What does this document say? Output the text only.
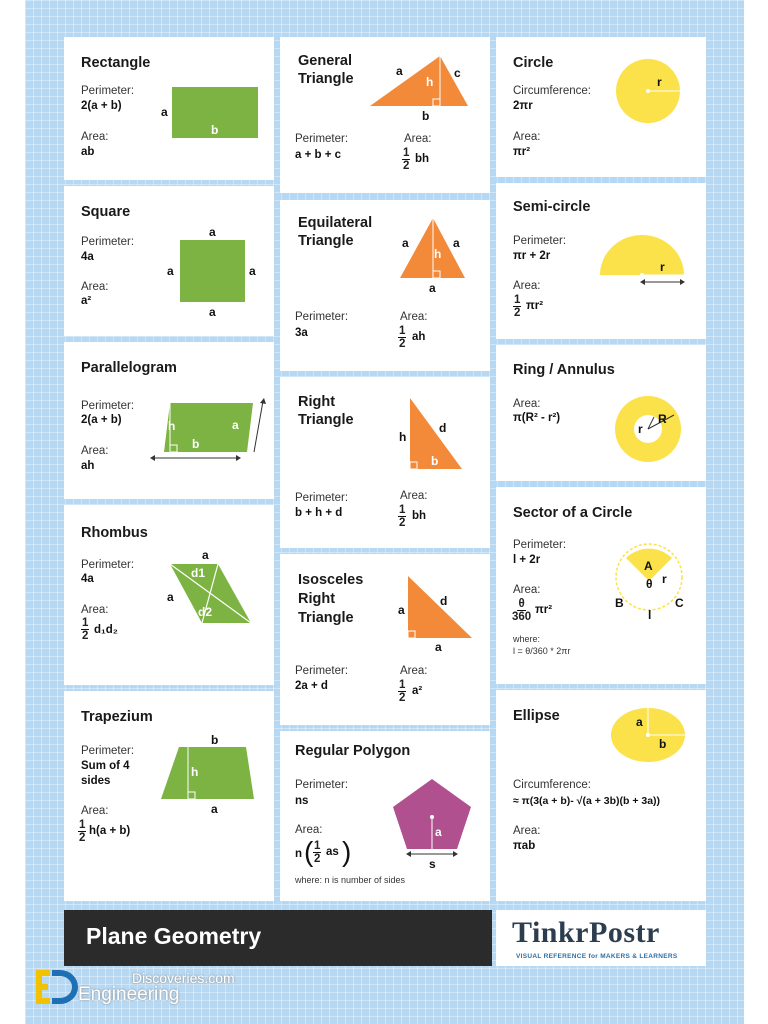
Rectangle
Perimeter:
2(a + b)
Area:
ab
a
b
Square
Perimeter:
4a
Area:
a²
a
a	a
a
Parallelogram
Perimeter:
2(a + b)
Area:
ah
h
b
a
Rhombus
Perimeter:
4a
Area:
$\frac{1}{2} d_1d_2$
a
a
d1
d2
Trapezium
Perimeter:
Sum of 4
sides
Area:
$\frac{1}{2} h(a + b)$
b
h
a
General
Triangle
Perimeter:
a + b + c
Area:
$\frac{1}{2}$ bh
a
h
c
b
Equilateral
Triangle
Perimeter:
3a
Area:
$\frac{1}{2}$ ah
a
h
a
a
Right
Triangle
Perimeter:
b + h + d
Area:
$\frac{1}{2}$ bh
h
d
b
Isosceles
Right
Triangle
Perimeter:
2a + d
Area:
$\frac{1}{2} a^2$
a
d
a
Regular Polygon
Perimeter:
ns
Area:
n ( $\frac{1}{2}$ as )
where: n is number of sides
a
s
Circle
Circumference:
2πr
Area:
πr²
r
Semi-circle
Perimeter:
πr + 2r
Area:
$\frac{1}{2} \pi r^2$
r
Ring / Annulus
Area:
π(R² - r²)
r
R
Sector of a Circle
Perimeter:
l + 2r
Area:
$\frac{\theta}{360} \pi r^2$
where:
l = θ/360 * 2πr
A
θ r
B	C
l
Ellipse
Circumference:
≈ π(3(a + b)- √(a + 3b)(b + 3a))
Area:
πab
a
b
Plane Geometry	TinkrPostr
VISUAL REFERENCE for MAKERS & LEARNERS
Discoveries.com
Engineering
